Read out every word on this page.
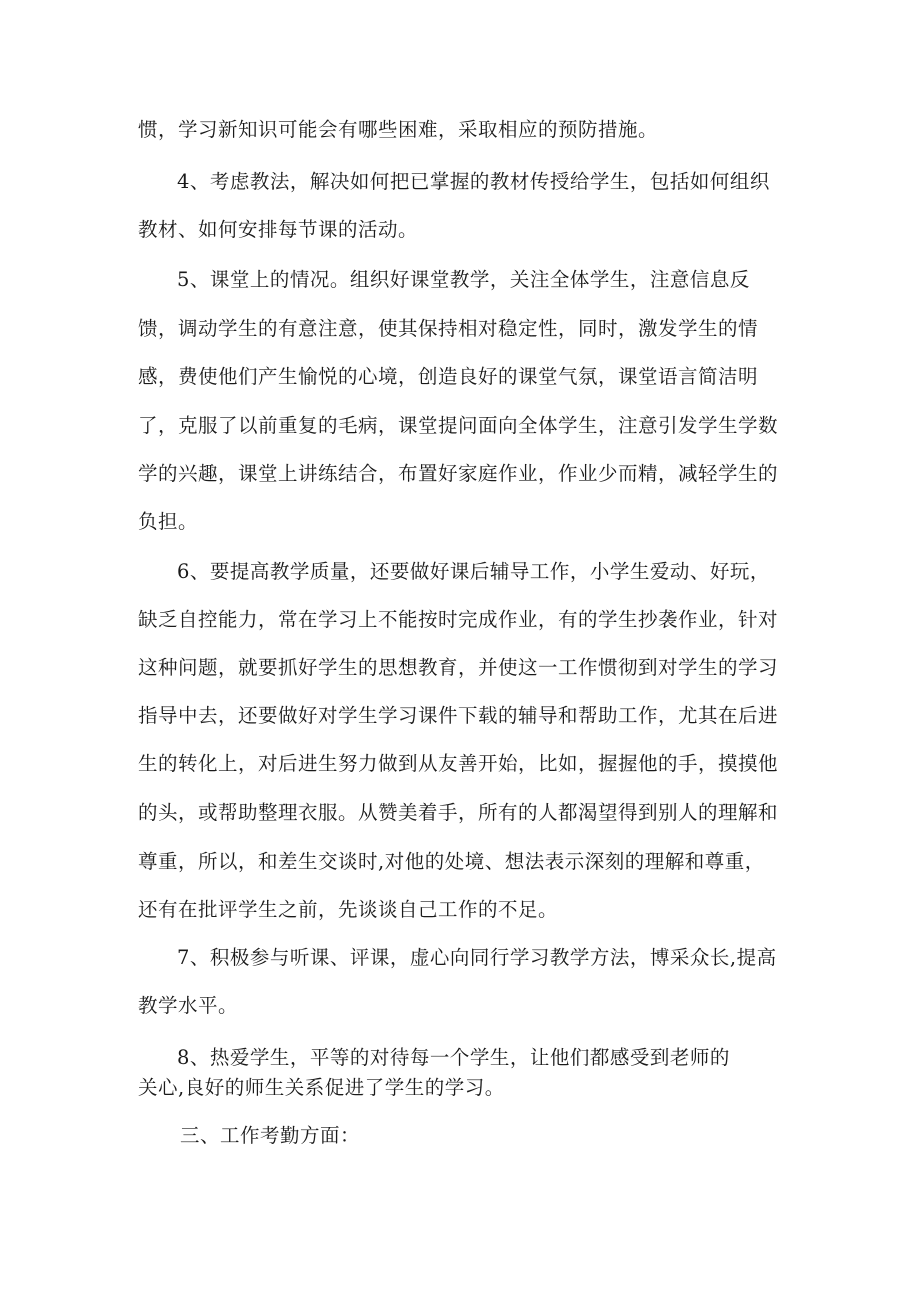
惯，学习新知识可能会有哪些困难，采取相应的预防措施。
4、考虑教法，解决如何把已掌握的教材传授给学生，包括如何组织
教材、如何安排每节课的活动。
5、课堂上的情况。组织好课堂教学，关注全体学生，注意信息反
馈，调动学生的有意注意，使其保持相对稳定性，同时，激发学生的情
感，费使他们产生愉悦的心境，创造良好的课堂气氛，课堂语言简洁明
了，克服了以前重复的毛病，课堂提问面向全体学生，注意引发学生学数
学的兴趣，课堂上讲练结合，布置好家庭作业，作业少而精，减轻学生的
负担。
6、要提高教学质量，还要做好课后辅导工作，小学生爱动、好玩，
缺乏自控能力，常在学习上不能按时完成作业，有的学生抄袭作业，针对
这种问题，就要抓好学生的思想教育，并使这一工作惯彻到对学生的学习
指导中去，还要做好对学生学习课件下载的辅导和帮助工作，尤其在后进
生的转化上，对后进生努力做到从友善开始，比如，握握他的手，摸摸他
的头，或帮助整理衣服。从赞美着手，所有的人都渴望得到别人的理解和
尊重，所以，和差生交谈时,对他的处境、想法表示深刻的理解和尊重，
还有在批评学生之前，先谈谈自己工作的不足。
7、积极参与听课、评课，虚心向同行学习教学方法，博采众长,提高
教学水平。
8、热爱学生，平等的对待每一个学生，让他们都感受到老师的
关心,良好的师生关系促进了学生的学习。
三、工作考勤方面：
